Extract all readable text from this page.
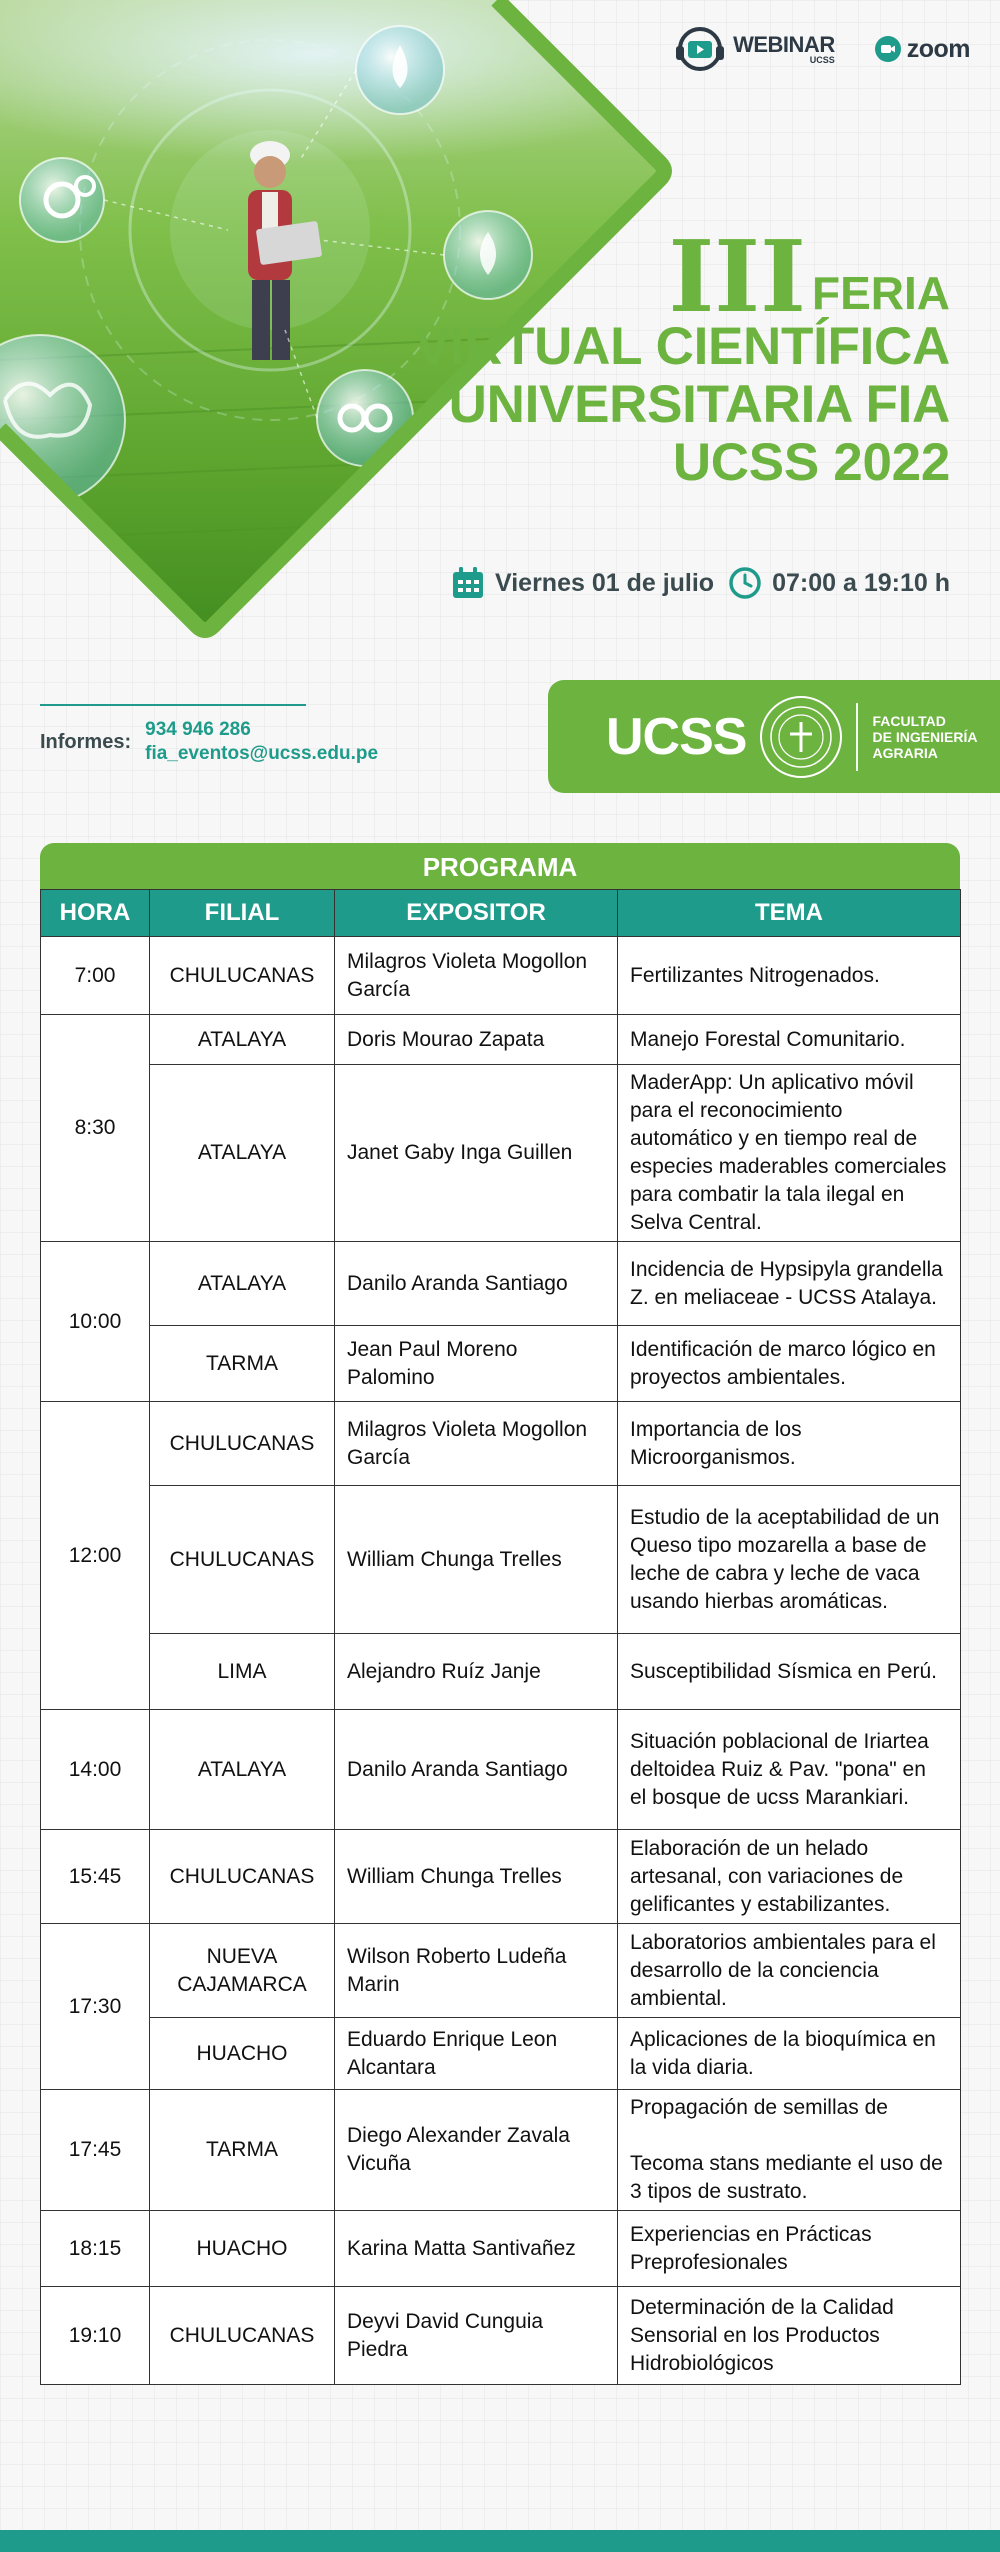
WEBINAR
UCSS	zoom
III FERIA
VIRTUAL CIENTÍFICA
UNIVERSITARIA FIA
UCSS 2022
Viernes 01 de julio 07:00 a 19:10 h
Informes:
934 946 286
fia_eventos@ucss.edu.pe	UCSS	FACULTAD
DE INGENIERÍA
AGRARIA
PROGRAMA
HORA	FILIAL	EXPOSITOR	TEMA
7:00	CHULUCANAS	Milagros Violeta Mogollon García	Fertilizantes Nitrogenados.
8:30	ATALAYA	Doris Mourao Zapata	Manejo Forestal Comunitario.
	ATALAYA	Janet Gaby Inga Guillen	MaderApp: Un aplicativo móvil para el reconocimiento automático y en tiempo real de especies maderables comerciales para combatir la tala ilegal en Selva Central.
10:00	ATALAYA	Danilo Aranda Santiago	Incidencia de Hypsipyla grandella Z. en meliaceae - UCSS Atalaya.
	TARMA	Jean Paul Moreno Palomino	Identificación de marco lógico en proyectos ambientales.
12:00	CHULUCANAS	Milagros Violeta Mogollon García	Importancia de los Microorganismos.
	CHULUCANAS	William Chunga Trelles	Estudio de la aceptabilidad de un Queso tipo mozarella a base de leche de cabra y leche de vaca usando hierbas aromáticas.
	LIMA	Alejandro Ruíz Janje	Susceptibilidad Sísmica en Perú.
14:00	ATALAYA	Danilo Aranda Santiago	Situación poblacional de Iriartea deltoidea Ruiz & Pav. "pona" en el bosque de ucss Marankiari.
15:45	CHULUCANAS	William Chunga Trelles	Elaboración de un helado artesanal, con variaciones de gelificantes y estabilizantes.
17:30	NUEVA CAJAMARCA	Wilson Roberto Ludeña Marin	Laboratorios ambientales para el desarrollo de la conciencia ambiental.
	HUACHO	Eduardo Enrique Leon Alcantara	Aplicaciones de la bioquímica en la vida diaria.
17:45	TARMA	Diego Alexander Zavala Vicuña	Propagación de semillas de

Tecoma stans mediante el uso de 3 tipos de sustrato.
18:15	HUACHO	Karina Matta Santivañez	Experiencias en Prácticas Preprofesionales
19:10	CHULUCANAS	Deyvi David Cunguia Piedra	Determinación de la Calidad Sensorial en los Productos Hidrobiológicos
